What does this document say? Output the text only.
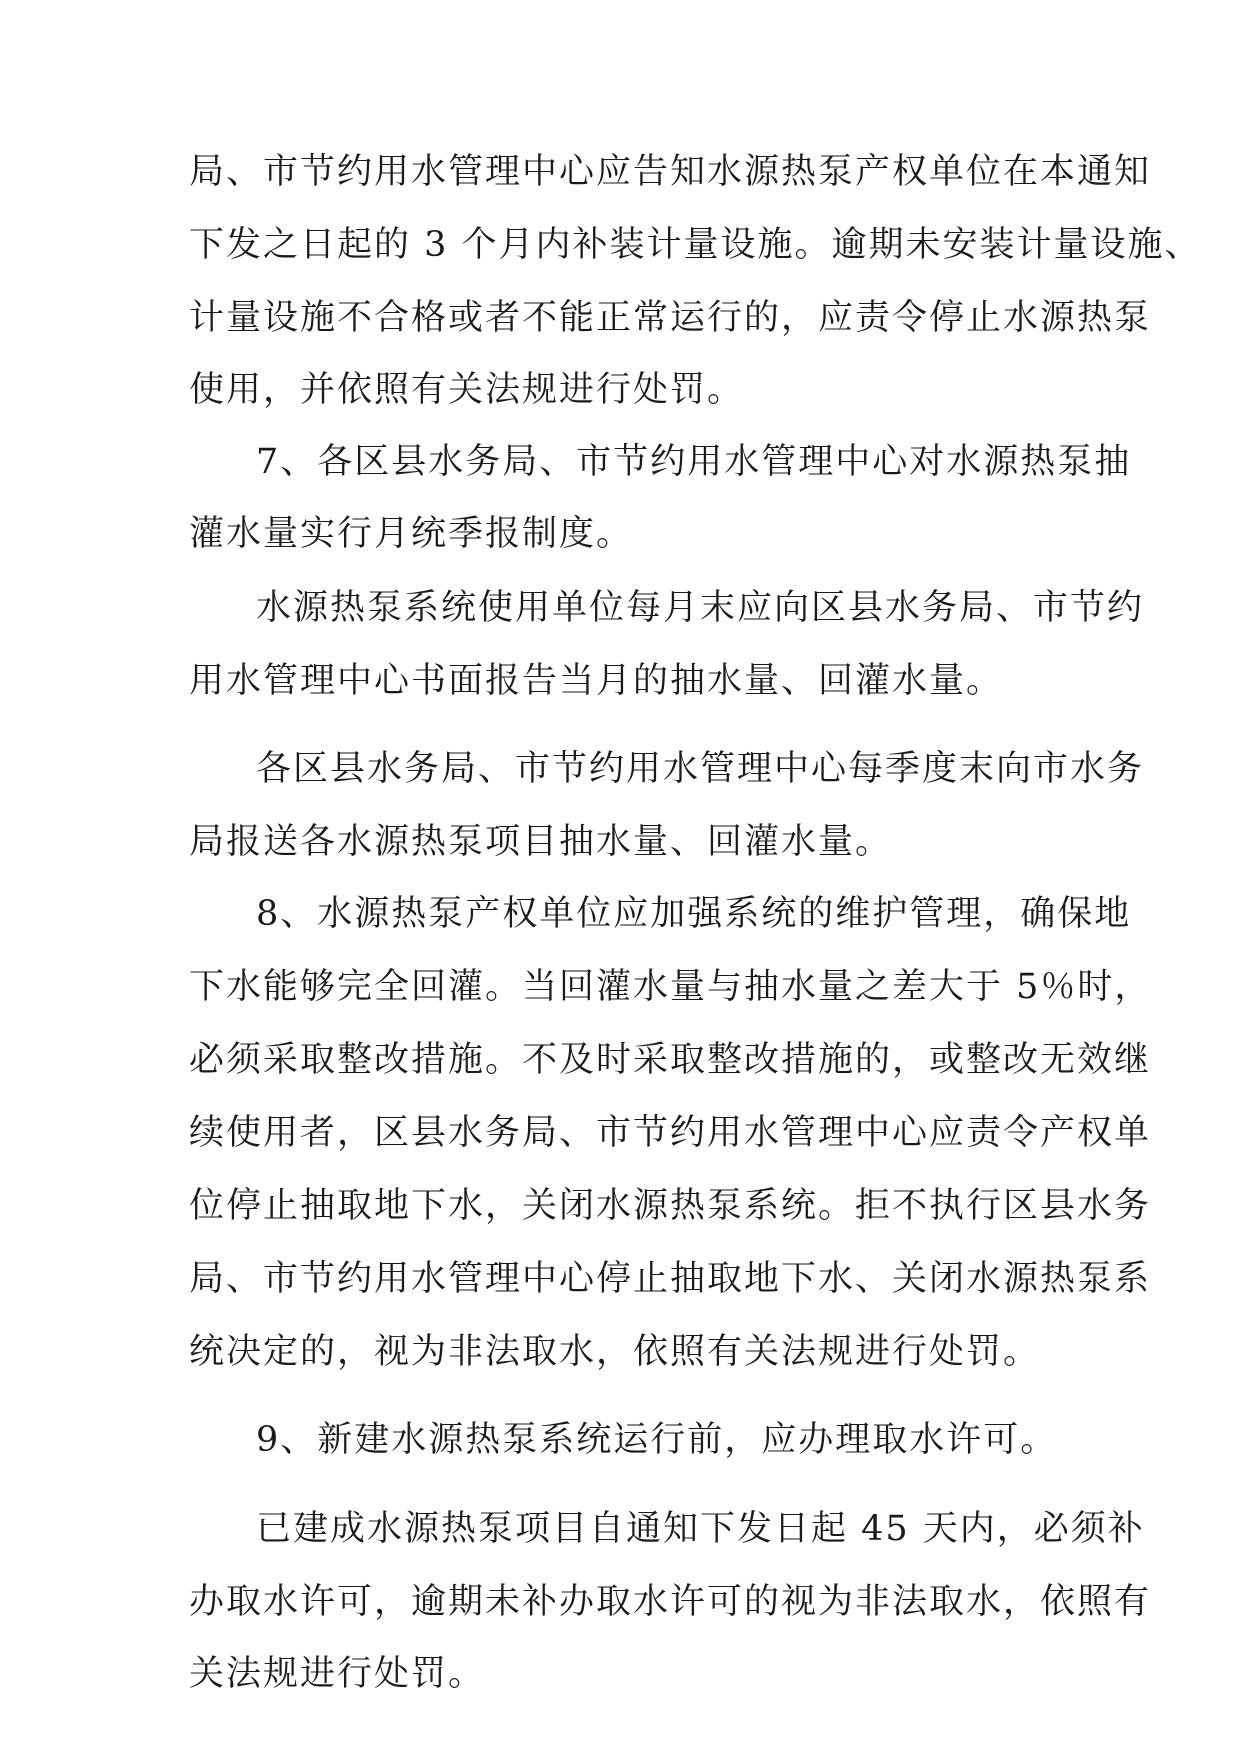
局、市节约用水管理中心应告知水源热泵产权单位在本通知
下发之日起的 3 个月内补装计量设施。逾期未安装计量设施、
计量设施不合格或者不能正常运行的，应责令停止水源热泵
使用，并依照有关法规进行处罚。
7、各区县水务局、市节约用水管理中心对水源热泵抽
灌水量实行月统季报制度。
水源热泵系统使用单位每月末应向区县水务局、市节约
用水管理中心书面报告当月的抽水量、回灌水量。
各区县水务局、市节约用水管理中心每季度末向市水务
局报送各水源热泵项目抽水量、回灌水量。
8、水源热泵产权单位应加强系统的维护管理，确保地
下水能够完全回灌。当回灌水量与抽水量之差大于 5％时，
必须采取整改措施。不及时采取整改措施的，或整改无效继
续使用者，区县水务局、市节约用水管理中心应责令产权单
位停止抽取地下水，关闭水源热泵系统。拒不执行区县水务
局、市节约用水管理中心停止抽取地下水、关闭水源热泵系
统决定的，视为非法取水，依照有关法规进行处罚。
9、新建水源热泵系统运行前，应办理取水许可。
已建成水源热泵项目自通知下发日起 45 天内，必须补
办取水许可，逾期未补办取水许可的视为非法取水，依照有
关法规进行处罚。
